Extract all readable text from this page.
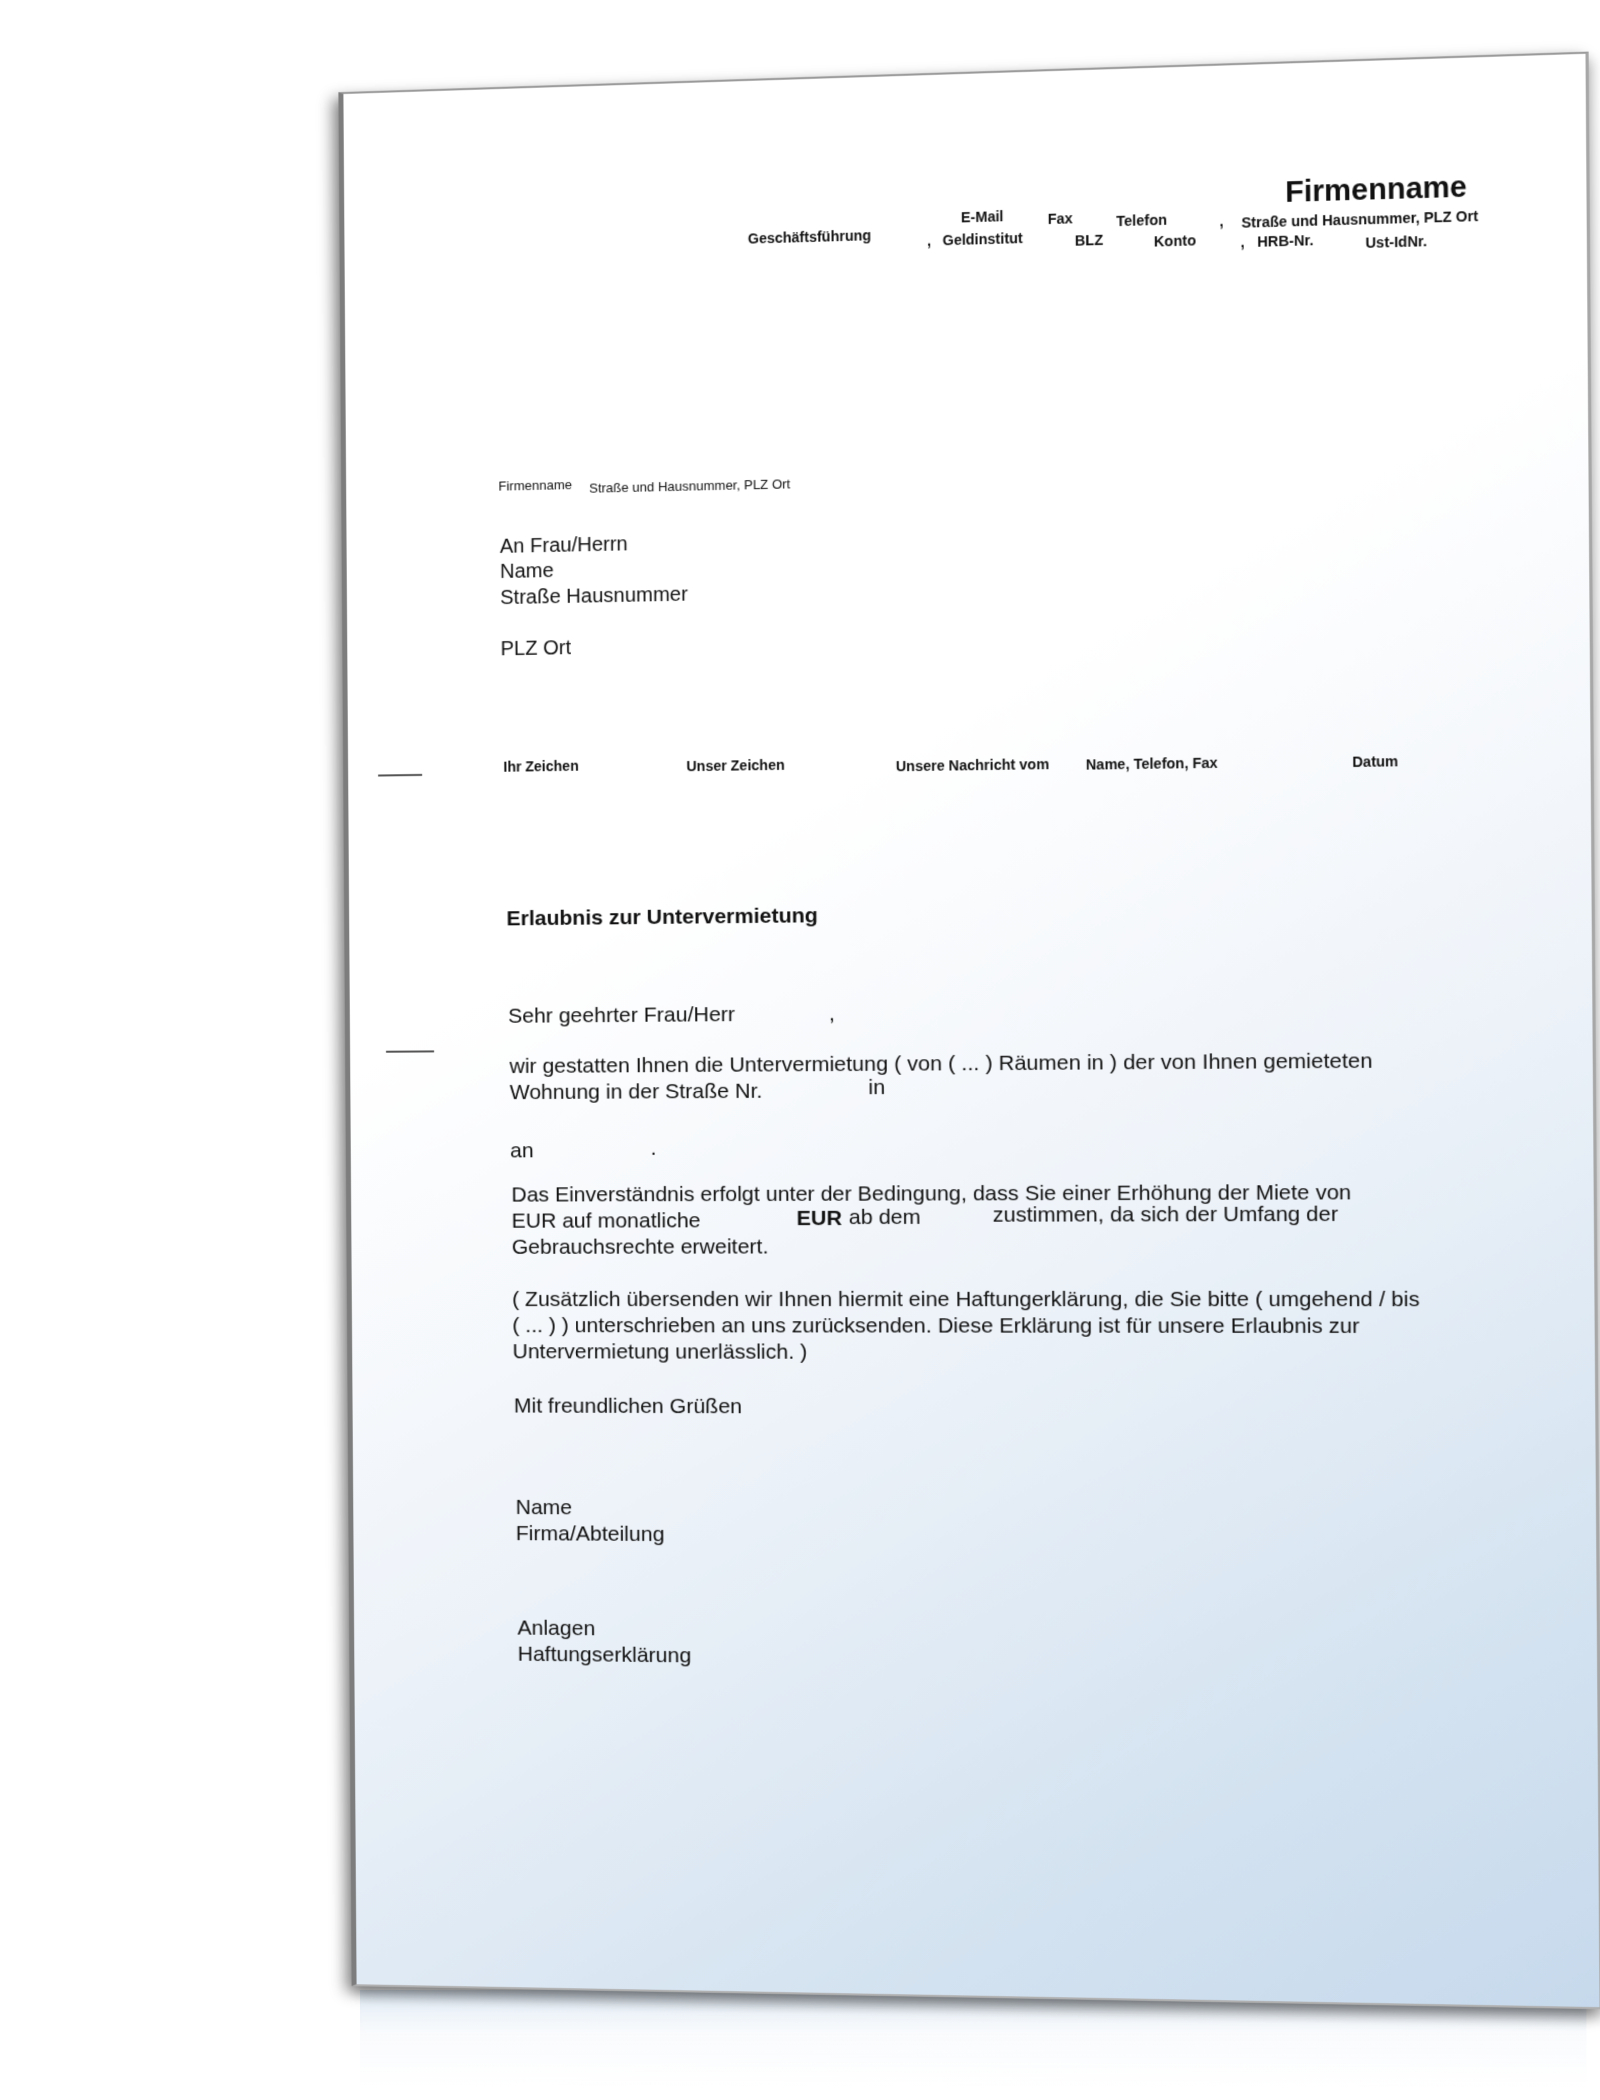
Firmenname
E-Mail	Fax	Telefon	, Straße und Hausnummer, PLZ Ort
Geschäftsführung	, Geldinstitut	BLZ	Konto	, HRB-Nr.	Ust-IdNr.
Firmenname Straße und Hausnummer, PLZ Ort
An Frau/Herrn
Name
Straße Hausnummer
PLZ Ort
Ihr Zeichen	Unser Zeichen	Unsere Nachricht vom	Name, Telefon, Fax	Datum
Erlaubnis zur Untervermietung
Sehr geehrter Frau/Herr	,
wir gestatten Ihnen die Untervermietung ( von ( ... ) Räumen in ) der von Ihnen gemieteten
Wohnung in der Straße Nr.	in
an	.
Das Einverständnis erfolgt unter der Bedingung, dass Sie einer Erhöhung der Miete von
EUR auf monatliche	EUR ab dem	zustimmen, da sich der Umfang der
Gebrauchsrechte erweitert.
( Zusätzlich übersenden wir Ihnen hiermit eine Haftungerklärung, die Sie bitte ( umgehend / bis
( ... ) ) unterschrieben an uns zurücksenden. Diese Erklärung ist für unsere Erlaubnis zur
Untervermietung unerlässlich. )
Mit freundlichen Grüßen
Name
Firma/Abteilung
Anlagen
Haftungserklärung
